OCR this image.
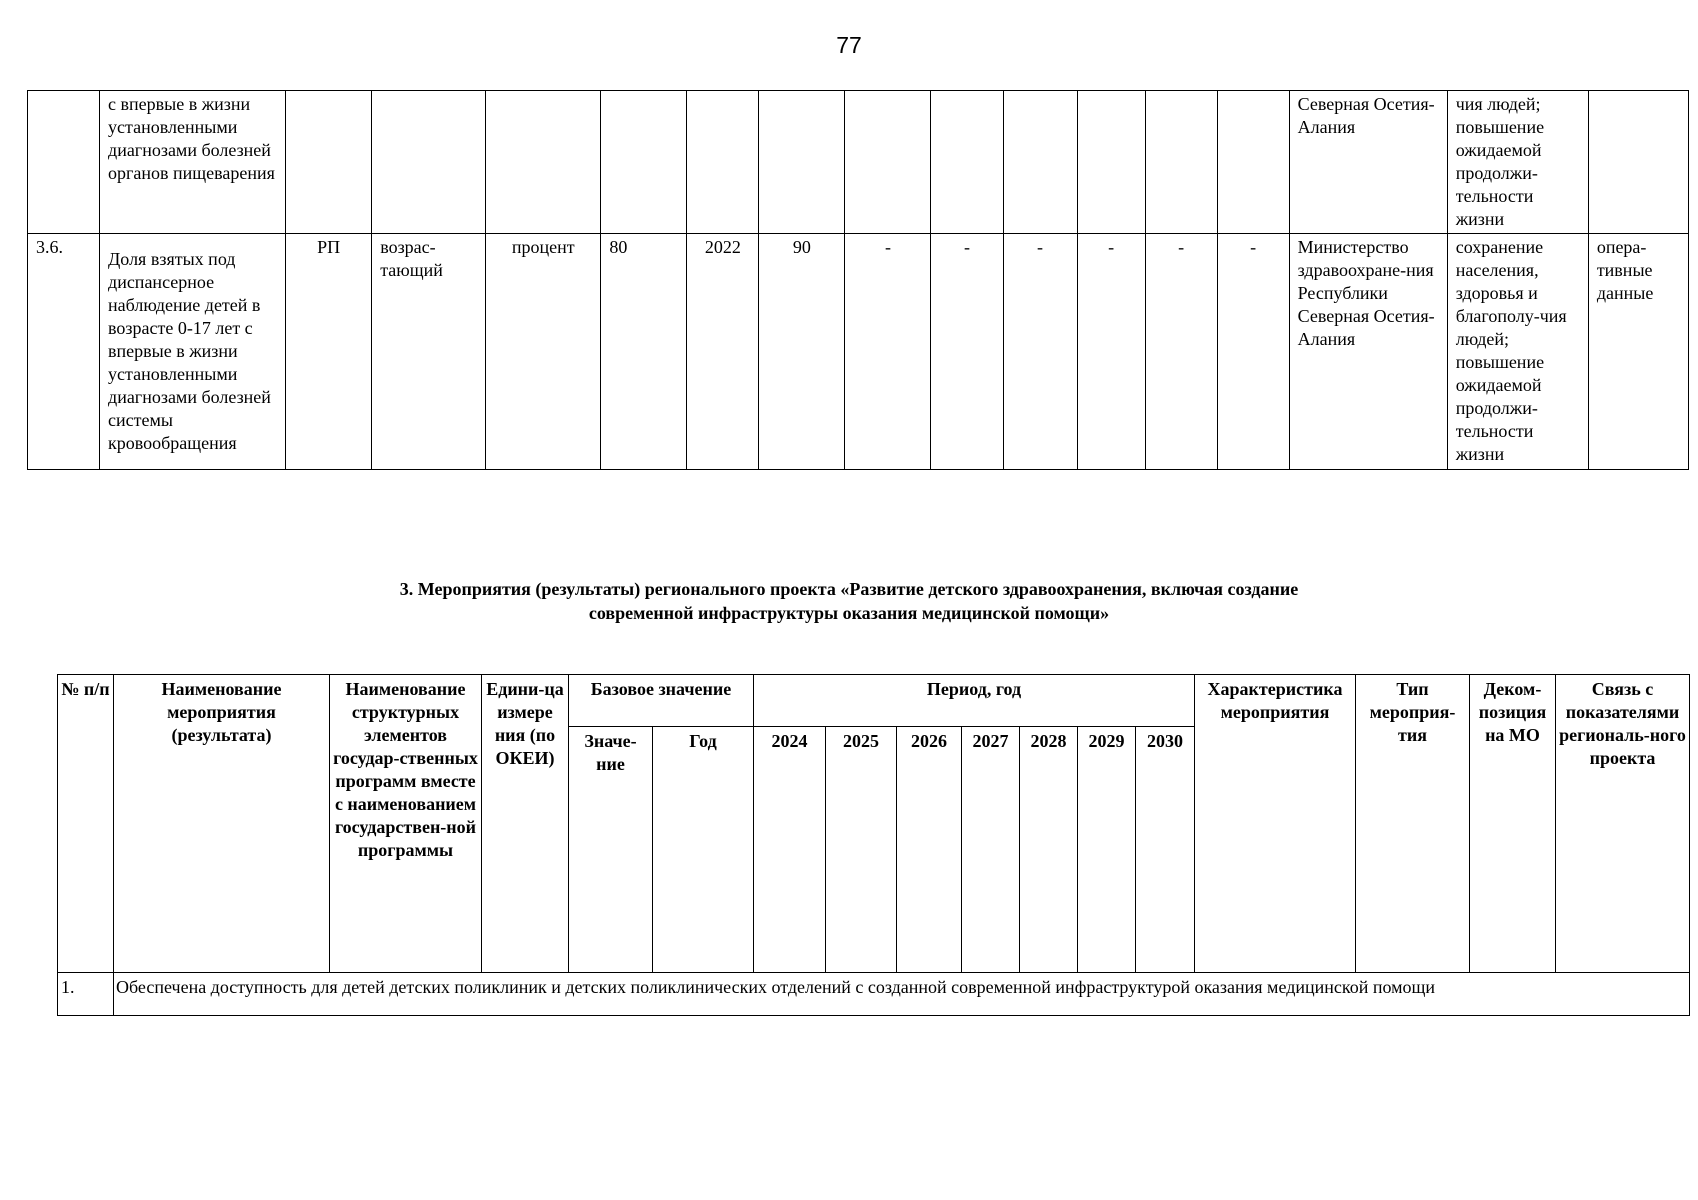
77
	с впервые в жизни установленными диагнозами болезней органов пищеварения													Северная Осетия-Алания	чия людей; повышение ожидаемой продолжи-тельности жизни	
3.6.	Доля взятых под диспансерное наблюдение детей в возрасте 0-17 лет с впервые в жизни установленными диагнозами болезней системы кровообращения	РП	возрас-тающий	процент	80	2022	90	-	-	-	-	-	-	Министерство здравоохране-ния Республики Северная Осетия-Алания	сохранение населения, здоровья и благополу-чия людей; повышение ожидаемой продолжи-тельности жизни	опера-тивные данные
3. Мероприятия (результаты) регионального проекта «Развитие детского здравоохранения, включая создание
современной инфраструктуры оказания медицинской помощи»
№ п/п	Наименование мероприятия (результата)	Наименование структурных элементов государ-ственных программ вместе с наименованием государствен-ной программы	Едини-ца измере ния (по ОКЕИ)	Базовое значение		Период, год							Характеристика мероприятия	Тип мероприя-тия	Деком-позиция на МО	Связь с показателями региональ-ного проекта
				Значе-ние	Год	2024	2025	2026	2027	2028	2029	2030				
1.	Обеспечена доступность для детей детских поликлиник и детских поликлинических отделений с созданной современной инфраструктурой оказания медицинской помощи															
